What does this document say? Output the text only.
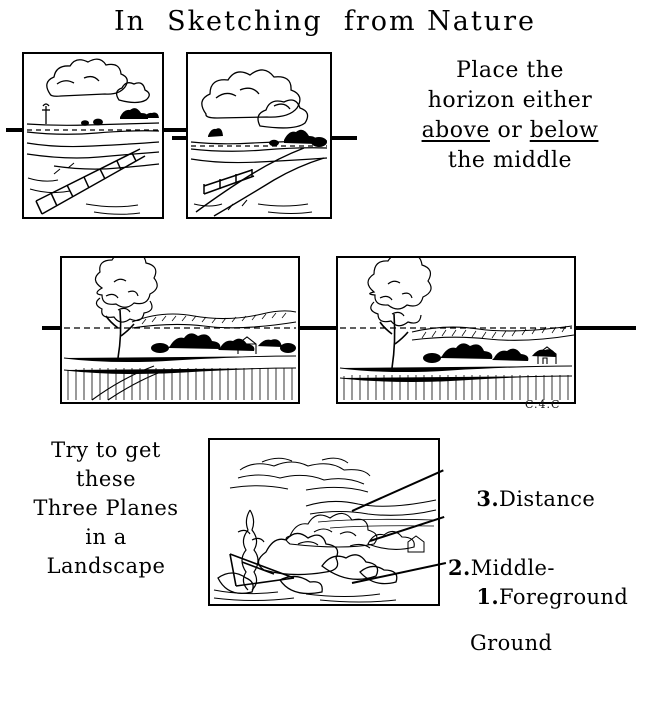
In  Sketching  from Nature
Place the
horizon either
above or below
the middle
C.4.C
Try to get
these
Three Planes
in a
Landscape

3.Distance

2.Middle-

Ground

1.Foreground
